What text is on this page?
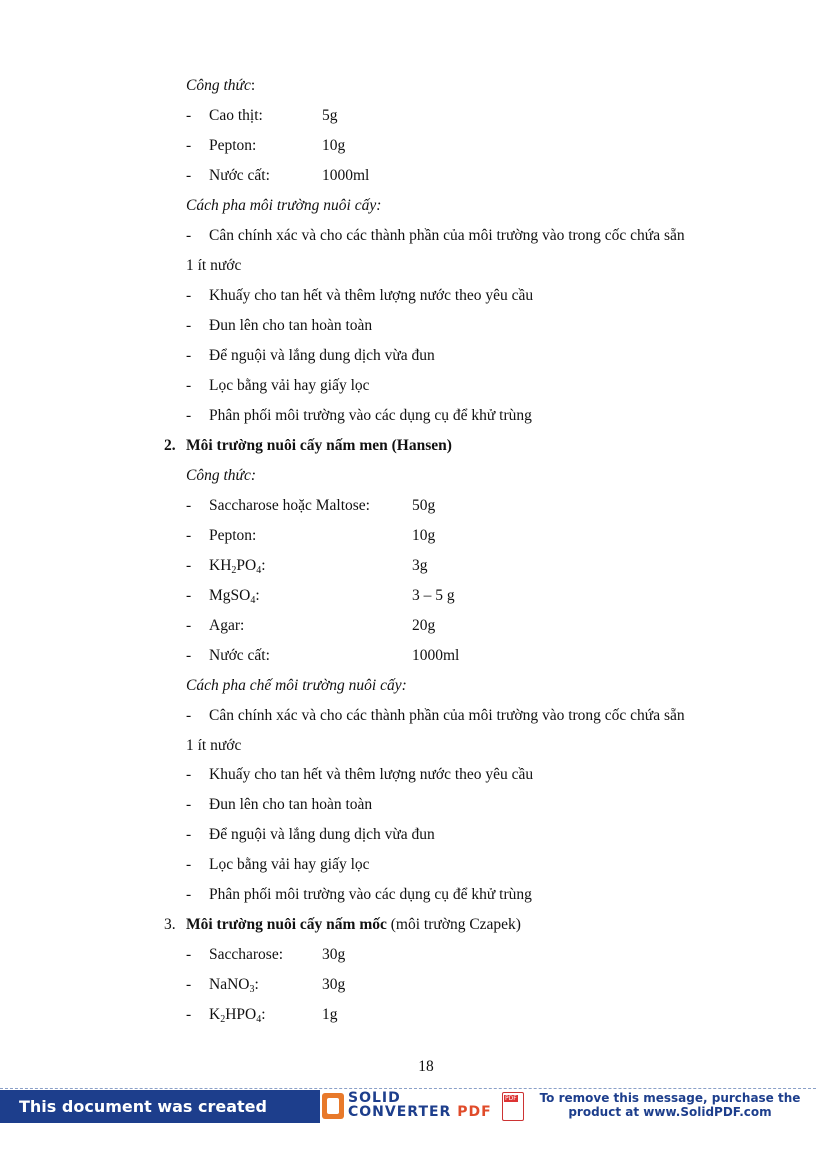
Công thức:
- Cao thịt:	5g
- Pepton:	10g
- Nước cất:	1000ml
Cách pha môi trường nuôi cấy:
- Cân chính xác và cho các thành phần của môi trường vào trong cốc chứa sẵn
1 ít nước
- Khuấy cho tan hết và thêm lượng nước theo yêu cầu
- Đun lên cho tan hoàn toàn
- Để nguội và lắng dung dịch vừa đun
- Lọc bằng vải hay giấy lọc
- Phân phối môi trường vào các dụng cụ để khử trùng
2. Môi trường nuôi cấy nấm men (Hansen)
Công thức:
- Saccharose hoặc Maltose:	50g
- Pepton:	10g
- $KH_2PO_4$:	3g
- MgSO$_4$:	3 – 5 g
- Agar:	20g
- Nước cất:	1000ml
Cách pha chế môi trường nuôi cấy:
- Cân chính xác và cho các thành phần của môi trường vào trong cốc chứa sẵn
1 ít nước
- Khuấy cho tan hết và thêm lượng nước theo yêu cầu
- Đun lên cho tan hoàn toàn
- Để nguội và lắng dung dịch vừa đun
- Lọc bằng vải hay giấy lọc
- Phân phối môi trường vào các dụng cụ để khử trùng
3. Môi trường nuôi cấy nấm mốc (môi trường Czapek)
- Saccharose:	30g
- NaNO$_3$:	30g
- $K_2HPO_4$:	1g
18
This document was created using
SOLID
CONVERTER PDF
PDF
To remove this message, purchase the
product at www.SolidPDF.com
